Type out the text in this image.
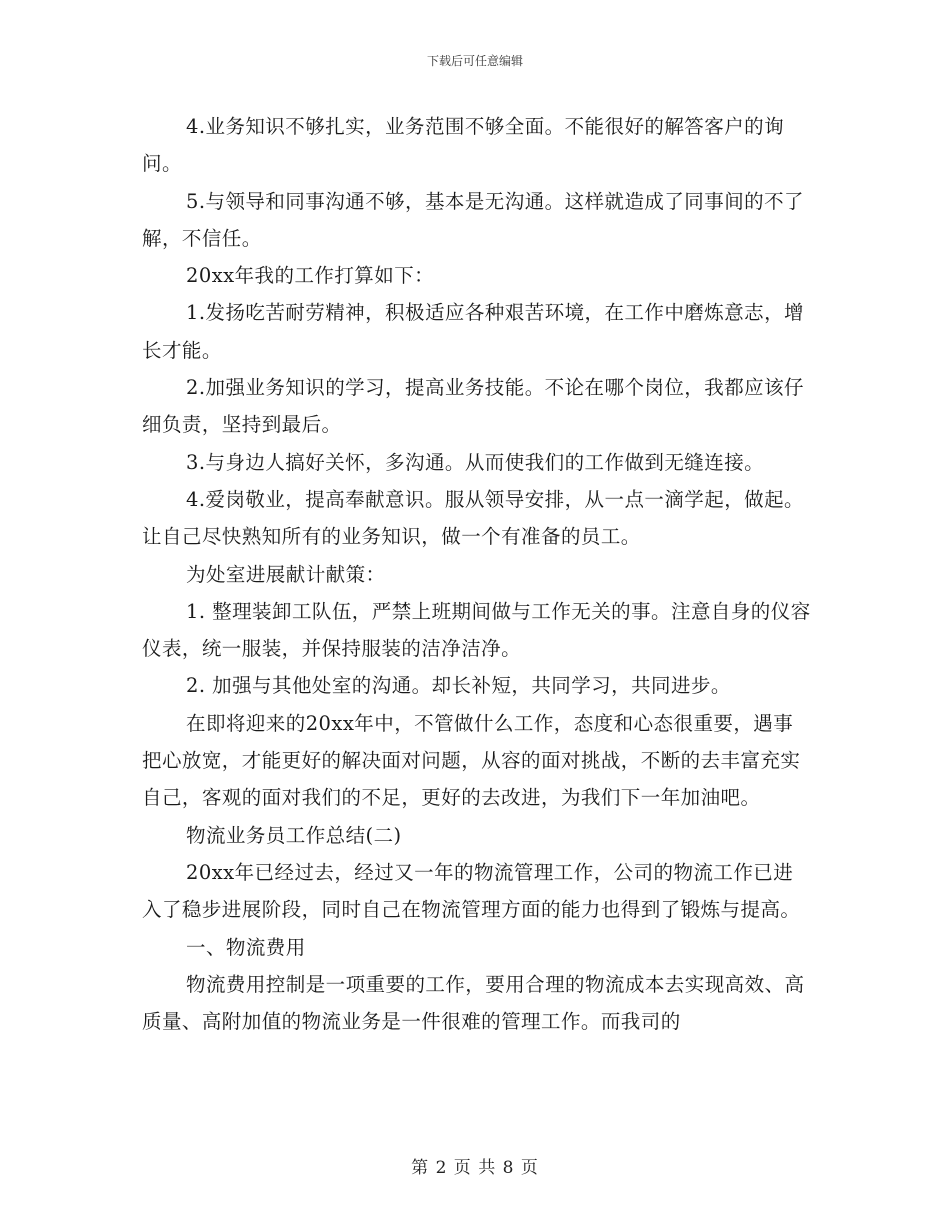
下载后可任意编辑

4.业务知识不够扎实，业务范围不够全面。不能很好的解答客户的询问。

5.与领导和同事沟通不够，基本是无沟通。这样就造成了同事间的不了解，不信任。

20xx年我的工作打算如下：

1.发扬吃苦耐劳精神，积极适应各种艰苦环境，在工作中磨炼意志，增长才能。

2.加强业务知识的学习，提高业务技能。不论在哪个岗位，我都应该仔细负责，坚持到最后。

3.与身边人搞好关怀，多沟通。从而使我们的工作做到无缝连接。

4.爱岗敬业，提高奉献意识。服从领导安排，从一点一滴学起，做起。让自己尽快熟知所有的业务知识，做一个有准备的员工。

为处室进展献计献策：

1. 整理装卸工队伍，严禁上班期间做与工作无关的事。注意自身的仪容仪表，统一服装，并保持服装的洁净洁净。

2. 加强与其他处室的沟通。却长补短，共同学习，共同进步。

在即将迎来的20xx年中，不管做什么工作，态度和心态很重要，遇事把心放宽，才能更好的解决面对问题，从容的面对挑战，不断的去丰富充实自己，客观的面对我们的不足，更好的去改进，为我们下一年加油吧。

物流业务员工作总结(二)

20xx年已经过去，经过又一年的物流管理工作，公司的物流工作已进入了稳步进展阶段，同时自己在物流管理方面的能力也得到了锻炼与提高。

一、物流费用

物流费用控制是一项重要的工作，要用合理的物流成本去实现高效、高质量、高附加值的物流业务是一件很难的管理工作。而我司的

第 2 页 共 8 页
